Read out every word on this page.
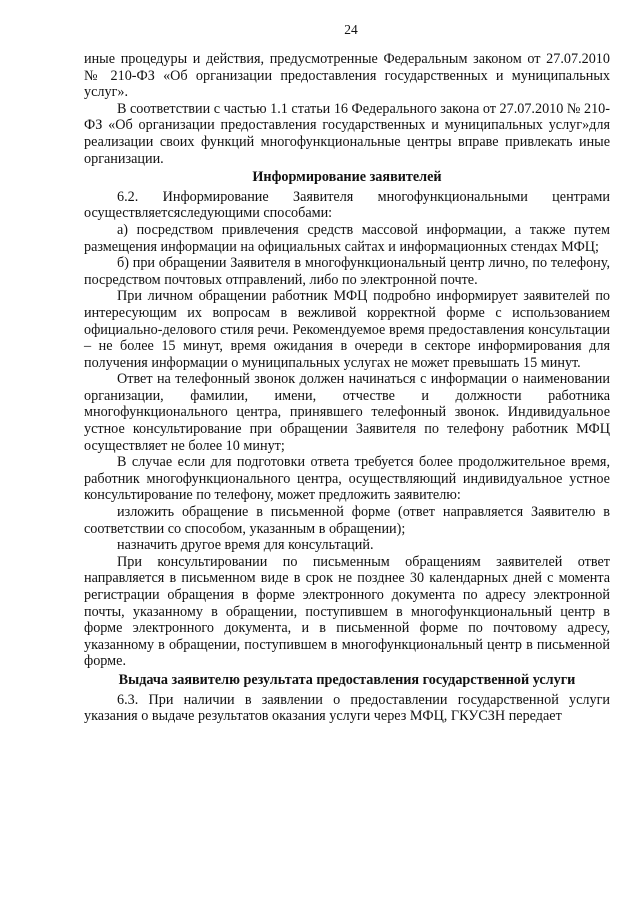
24

иные процедуры и действия, предусмотренные Федеральным законом от 27.07.2010 № 210-ФЗ «Об организации предоставления государственных и муниципальных услуг».

В соответствии с частью 1.1 статьи 16 Федерального закона от 27.07.2010 № 210-ФЗ «Об организации предоставления государственных и муниципальных услуг»для реализации своих функций многофункциональные центры вправе привлекать иные организации.

Информирование заявителей

6.2. Информирование Заявителя многофункциональными центрами осуществляетсяследующими способами:

а) посредством привлечения средств массовой информации, а также путем размещения информации на официальных сайтах и информационных стендах МФЦ;

б) при обращении Заявителя в многофункциональный центр лично, по телефону, посредством почтовых отправлений, либо по электронной почте.

При личном обращении работник МФЦ подробно информирует заявителей по интересующим их вопросам в вежливой корректной форме с использованием официально-делового стиля речи. Рекомендуемое время предоставления консультации – не более 15 минут, время ожидания в очереди в секторе информирования для получения информации о муниципальных услугах не может превышать 15 минут.

Ответ на телефонный звонок должен начинаться с информации о наименовании организации, фамилии, имени, отчестве и должности работника многофункционального центра, принявшего телефонный звонок. Индивидуальное устное консультирование при обращении Заявителя по телефону работник МФЦ осуществляет не более 10 минут;

В случае если для подготовки ответа требуется более продолжительное время, работник многофункционального центра, осуществляющий индивидуальное устное консультирование по телефону, может предложить заявителю:

изложить обращение в письменной форме (ответ направляется Заявителю в соответствии со способом, указанным в обращении);

назначить другое время для консультаций.

При консультировании по письменным обращениям заявителей ответ направляется в письменном виде в срок не позднее 30 календарных дней с момента регистрации обращения в форме электронного документа по адресу электронной почты, указанному в обращении, поступившем в многофункциональный центр в форме электронного документа, и в письменной форме по почтовому адресу, указанному в обращении, поступившем в многофункциональный центр в письменной форме.

Выдача заявителю результата предоставления государственной услуги

6.3. При наличии в заявлении о предоставлении государственной услуги указания о выдаче результатов оказания услуги через МФЦ, ГКУСЗН передает
